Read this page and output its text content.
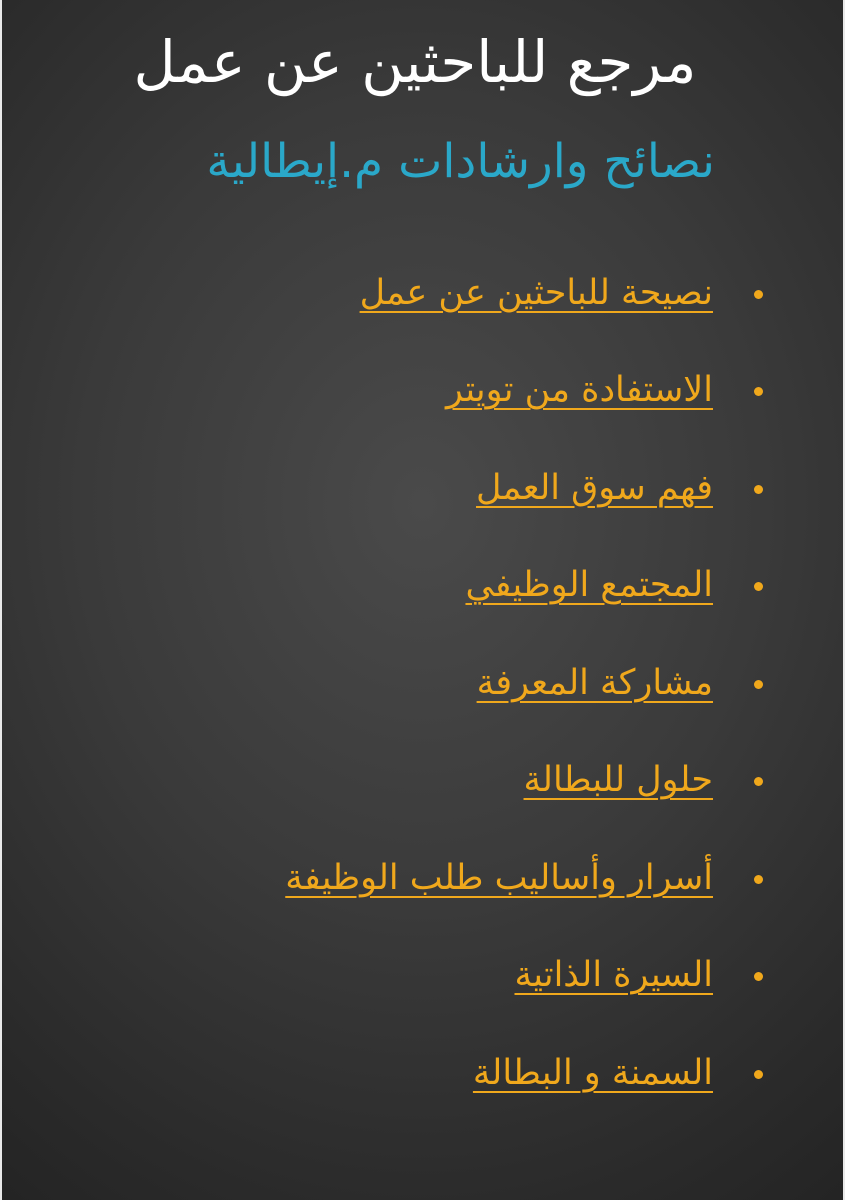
مرجع للباحثين عن عمل
نصائح وارشادات م.إيطالية
نصيحة للباحثين عن عمل
الاستفادة من تويتر
فهم سوق العمل
المجتمع الوظيفي
مشاركة المعرفة
حلول للبطالة
أسرار وأساليب طلب الوظيفة
السيرة الذاتية
السمنة و البطالة
